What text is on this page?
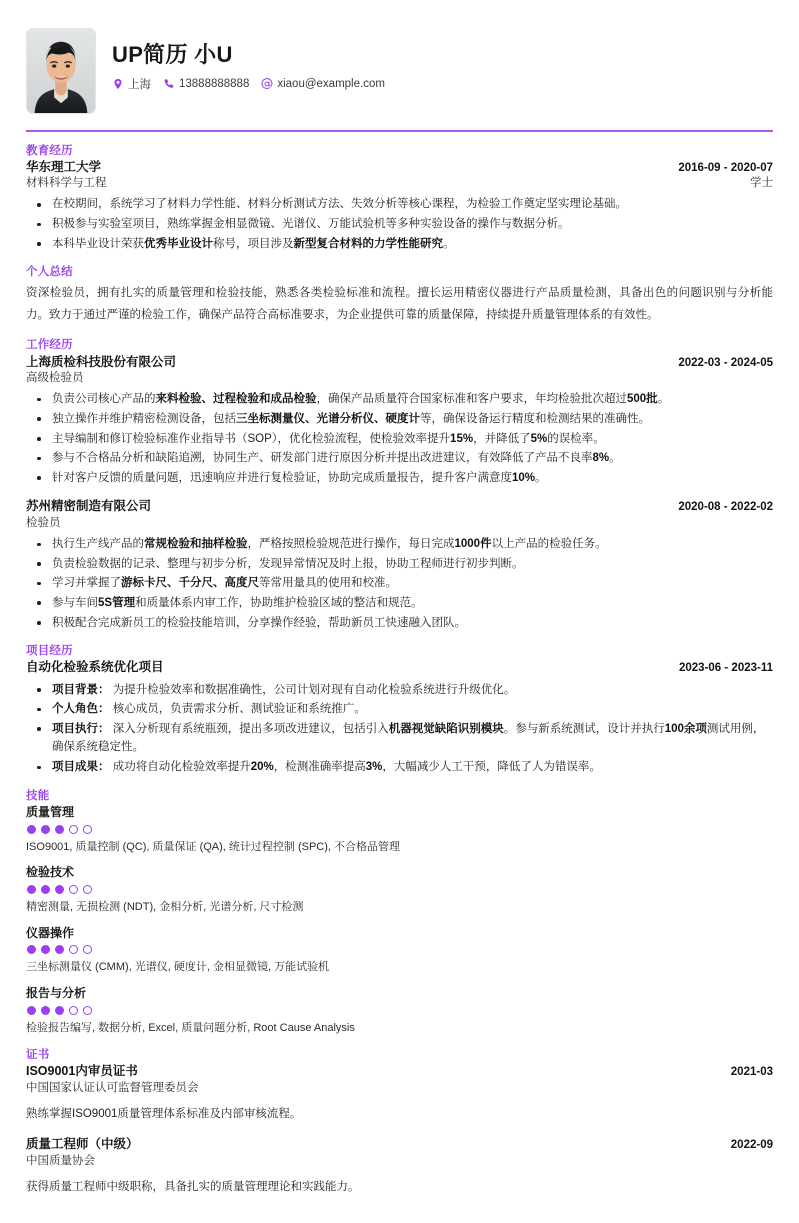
UP简历 小U
上海 13888888888 xiaou@example.com
教育经历
华东理工大学	2016-09 - 2020-07
材料科学与工程	学士
在校期间，系统学习了材料力学性能、材料分析测试方法、失效分析等核心课程，为检验工作奠定坚实理论基础。
积极参与实验室项目，熟练掌握金相显微镜、光谱仪、万能试验机等多种实验设备的操作与数据分析。
本科毕业设计荣获优秀毕业设计称号，项目涉及新型复合材料的力学性能研究。
个人总结
资深检验员，拥有扎实的质量管理和检验技能，熟悉各类检验标准和流程。擅长运用精密仪器进行产品质量检测，具备出色的问题识别与分析能力。致力于通过严谨的检验工作，确保产品符合高标准要求，为企业提供可靠的质量保障，持续提升质量管理体系的有效性。
工作经历
上海质检科技股份有限公司	2022-03 - 2024-05
高级检验员
负责公司核心产品的来料检验、过程检验和成品检验，确保产品质量符合国家标准和客户要求，年均检验批次超过500批。
独立操作并维护精密检测设备，包括三坐标测量仪、光谱分析仪、硬度计等，确保设备运行精度和检测结果的准确性。
主导编制和修订检验标准作业指导书（SOP），优化检验流程，使检验效率提升15%，并降低了5%的误检率。
参与不合格品分析和缺陷追溯，协同生产、研发部门进行原因分析并提出改进建议，有效降低了产品不良率8%。
针对客户反馈的质量问题，迅速响应并进行复检验证，协助完成质量报告，提升客户满意度10%。
苏州精密制造有限公司	2020-08 - 2022-02
检验员
执行生产线产品的常规检验和抽样检验，严格按照检验规范进行操作，每日完成1000件以上产品的检验任务。
负责检验数据的记录、整理与初步分析，发现异常情况及时上报，协助工程师进行初步判断。
学习并掌握了游标卡尺、千分尺、高度尺等常用量具的使用和校准。
参与车间5S管理和质量体系内审工作，协助维护检验区域的整洁和规范。
积极配合完成新员工的检验技能培训，分享操作经验，帮助新员工快速融入团队。
项目经历
自动化检验系统优化项目	2023-06 - 2023-11
项目背景： 为提升检验效率和数据准确性，公司计划对现有自动化检验系统进行升级优化。
个人角色： 核心成员，负责需求分析、测试验证和系统推广。
项目执行： 深入分析现有系统瓶颈，提出多项改进建议，包括引入机器视觉缺陷识别模块。参与新系统测试，设计并执行100余项测试用例，确保系统稳定性。
项目成果： 成功将自动化检验效率提升20%，检测准确率提高3%，大幅减少人工干预，降低了人为错误率。
技能
质量管理
ISO9001, 质量控制 (QC), 质量保证 (QA), 统计过程控制 (SPC), 不合格品管理
检验技术
精密测量, 无损检测 (NDT), 金相分析, 光谱分析, 尺寸检测
仪器操作
三坐标测量仪 (CMM), 光谱仪, 硬度计, 金相显微镜, 万能试验机
报告与分析
检验报告编写, 数据分析, Excel, 质量问题分析, Root Cause Analysis
证书
ISO9001内审员证书	2021-03
中国国家认证认可监督管理委员会
熟练掌握ISO9001质量管理体系标准及内部审核流程。
质量工程师（中级）	2022-09
中国质量协会
获得质量工程师中级职称，具备扎实的质量管理理论和实践能力。
